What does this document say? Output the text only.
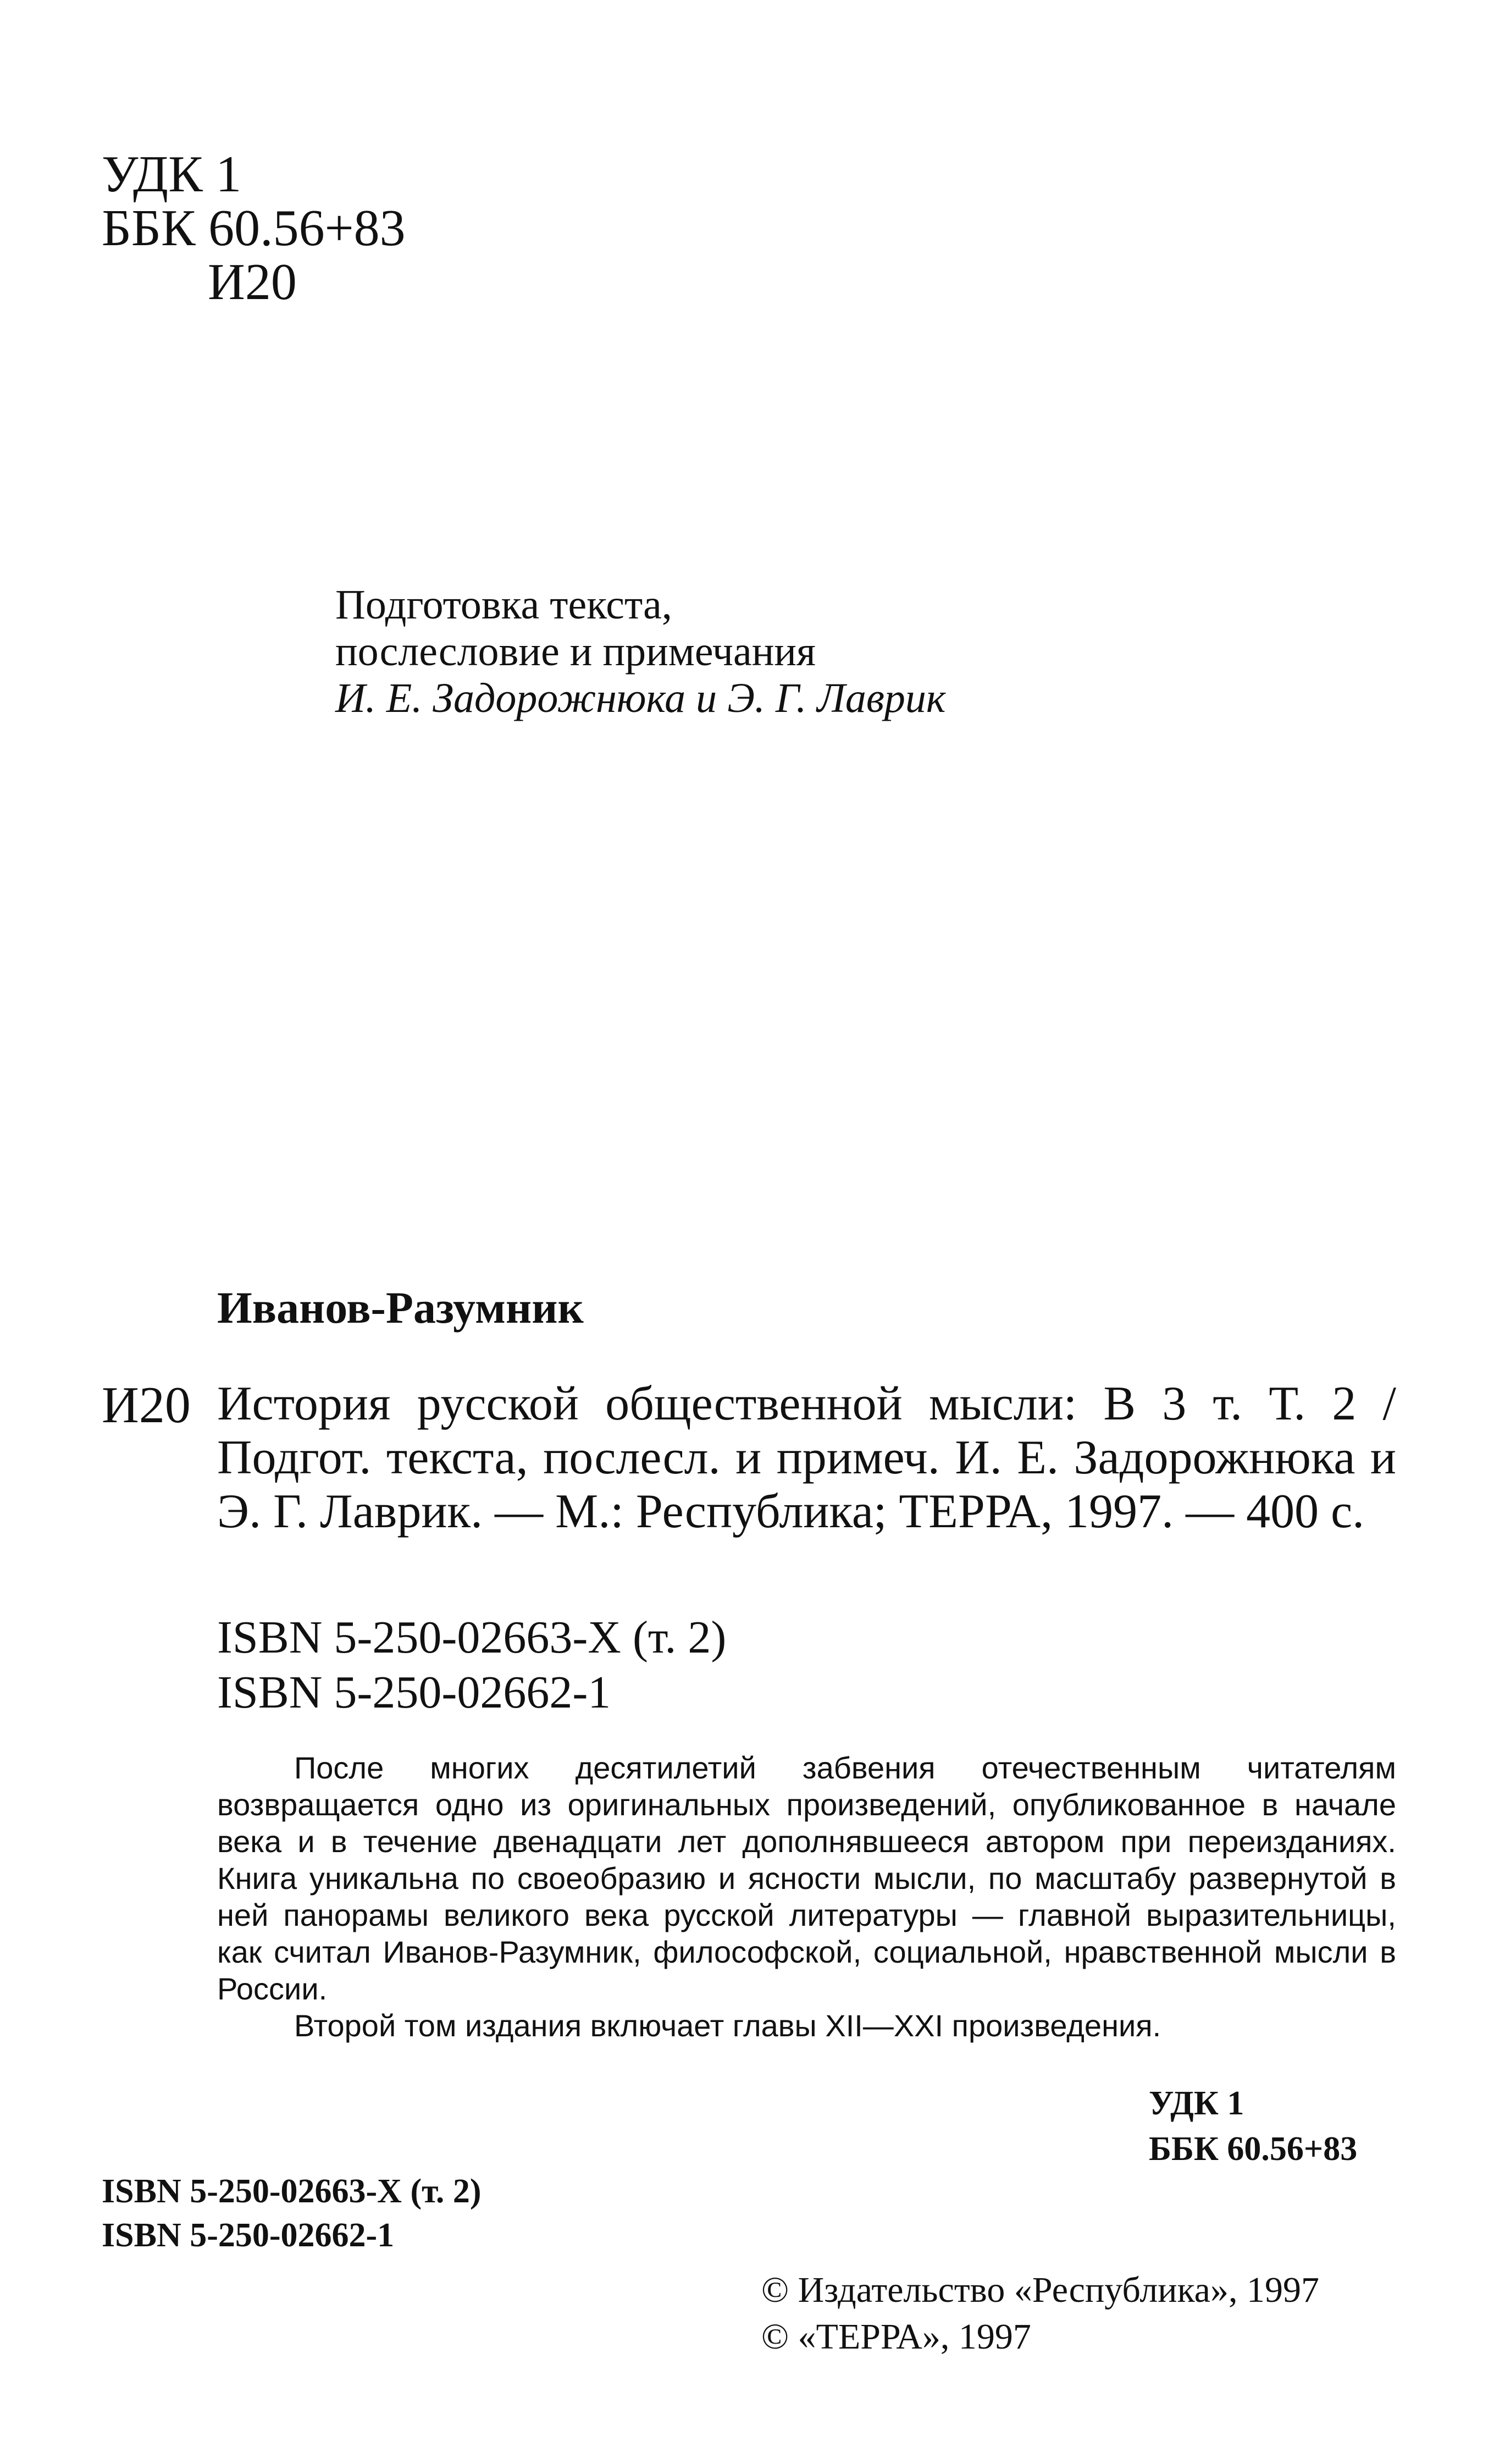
УДК 1
ББК 60.56+83
И20
Подготовка текста,
послесловие и примечания
И. Е. Задорожнюка и Э. Г. Лаврик
Иванов-Разумник
И20 История русской общественной мысли: В 3 т. Т. 2 / Подгот. текста, послесл. и примеч. И. Е. Задорожнюка и Э. Г. Лаврик. — М.: Республика; ТЕРРА, 1997. — 400 с.
ISBN 5-250-02663-X (т. 2)
ISBN 5-250-02662-1

После многих десятилетий забвения отечественным читателям возвращается одно из оригинальных произведений, опубликованное в начале века и в течение двенадцати лет дополнявшееся автором при переизданиях. Книга уникальна по своеобразию и ясности мысли, по масштабу развернутой в ней панорамы великого века русской литературы — главной выразительницы, как считал Иванов-Разумник, философской, социальной, нравственной мысли в России.

Второй том издания включает главы XII—XXI произведения.

УДК 1
ББК 60.56+83
ISBN 5-250-02663-X (т. 2)
ISBN 5-250-02662-1
© Издательство «Республика», 1997
© «ТЕРРА», 1997
